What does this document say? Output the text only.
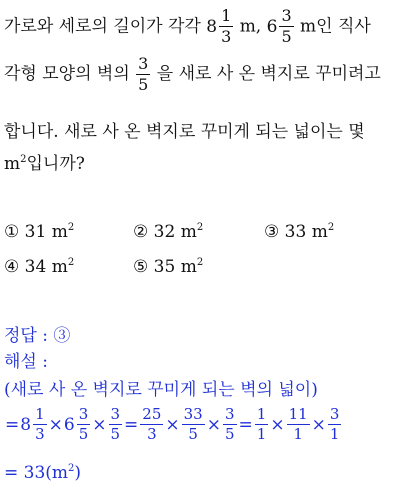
가로와 세로의 길이가 각각 $8 \frac{1}{3} m$, $6 \frac{3}{5}$ m인 직사
각형 모양의 벽의 $\frac{3}{5}$ 을 새로 사 온 벽지로 꾸미려고
합니다. 새로 사 온 벽지로 꾸미게 되는 넓이는 몇
$m^2$입니까?
① 31 $m^2$	② 32 $m^2$	③ 33 $m^2$
④ 34 $m^2$	⑤ 35 $m^2$
정답 : ③
해설 :
(새로 사 온 벽지로 꾸미게 되는 벽의 넓이)
= $8 \frac{1}{3} \times 6 \frac{3}{5} \times \frac{3}{5} = \frac{25}{3} \times \frac{33}{5} \times \frac{3}{5} = \frac{1}{1} \times \frac{11}{1} \times \frac{3}{1}$
= $33(m^2)$
